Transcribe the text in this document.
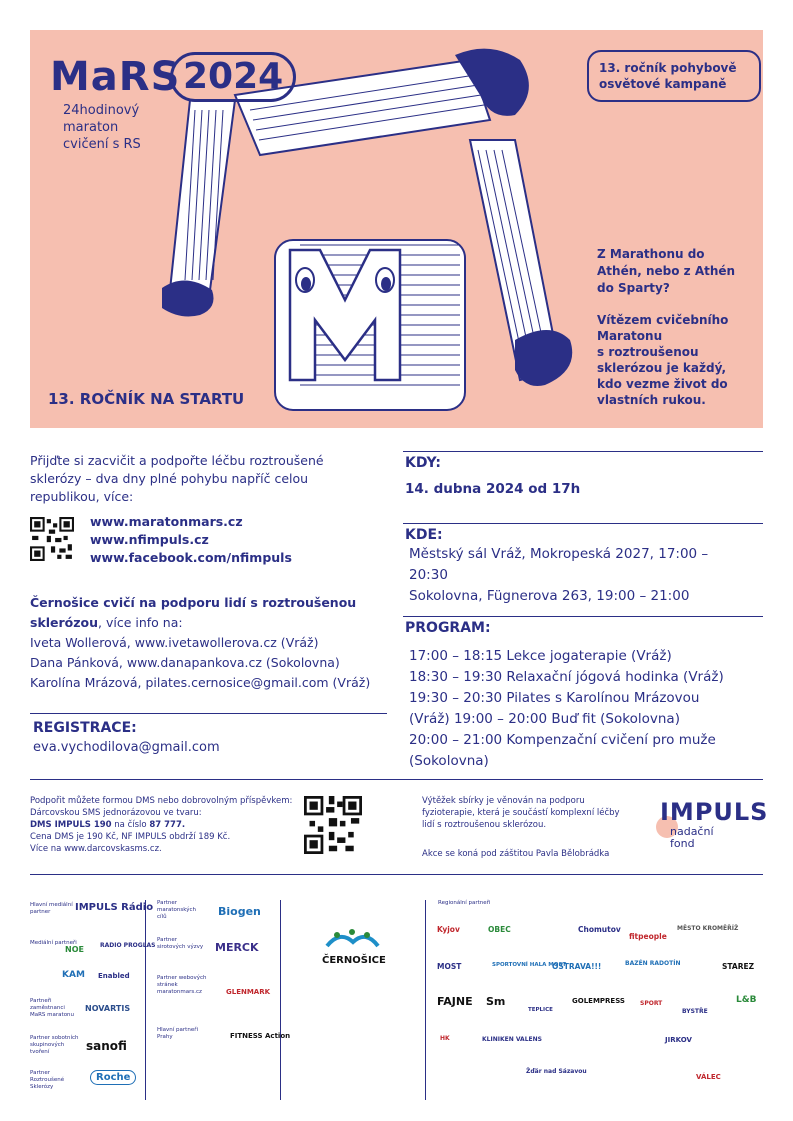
MaRS 2024
24hodinový
maraton
cvičení s RS
13. ročník pohybově
osvětové kampaně
Z Marathonu do
Athén, nebo z Athén
do Sparty?
Vítězem cvičebního
Maratonu
s roztroušenou
sklerózou je každý,
kdo vezme život do
vlastních rukou.
13. ROČNÍK NA STARTU
Přijďte si zacvičit a podpořte léčbu roztroušené
sklerózy – dva dny plné pohybu napříč celou
republikou, více:
www.maratonmars.cz
www.nfimpuls.cz
www.facebook.com/nfimpuls
Černošice cvičí na podporu lidí s roztroušenou
sklerózou, více info na:
Iveta Wollerová, www.ivetawollerova.cz (Vráž)
Dana Pánková, www.danapankova.cz (Sokolovna)
Karolína Mrázová, pilates.cernosice@gmail.com (Vráž)
REGISTRACE:
eva.vychodilova@gmail.com
KDY:
14. dubna 2024 od 17h
KDE:
Městský sál Vráž, Mokropeská 2027, 17:00 –
20:30
Sokolovna, Fügnerova 263, 19:00 – 21:00
PROGRAM:
17:00 – 18:15 Lekce jogaterapie (Vráž)
18:30 – 19:30 Relaxační jógová hodinka (Vráž)
19:30 – 20:30 Pilates s Karolínou Mrázovou
(Vráž) 19:00 – 20:00 Buď fit (Sokolovna)
20:00 – 21:00 Kompenzační cvičení pro muže
(Sokolovna)
Podpořit můžete formou DMS nebo dobrovolným příspěvkem:
Dárcovskou SMS jednorázovou ve tvaru:
DMS IMPULS 190 na číslo 87 777.
Cena DMS je 190 Kč, NF IMPULS obdrží 189 Kč.
Více na www.darcovskasms.cz.
Výtěžek sbírky je věnován na podporu
fyzioterapie, která je součástí komplexní léčby
lidí s roztroušenou sklerózou.
Akce se koná pod záštitou Pavla Bělobrádka
IMPULS
nadační
fond
Hlavní mediální partner
Mediální partneři
Partneři zaměstnanci MaRS maratonu
Partner sobotních skupinových tvoření
Partner Roztroušené Sklerózy
IMPULS Rádio
NOE	RADIO PROGLAS
KAM Enabled
NOVARTIS
sanofi
Roche
Partner maratonských cílů
Partner sirotových výzvy
Partner webových stránek maratonmars.cz
Hlavní partneři Prahy
Biogen
MERCK
GLENMARK
FITNESS Action
ČERNOŠICE
Regionální partneři
Kyjov	OBEC	Chomutov
fitpeople
MĚSTO KROMĚŘÍŽ
MOST	SPORTOVNÍ HALA MOST
OSTRAVA!!!	BAZÉN RADOTÍN	STAREZ
FAJNE Sm
TEPLICE
GOLEMPRESS	SPORT
BYSTŘE
L&B
HK	KLINIKEN VALENS	JIRKOV
Žďár nad Sázavou
VÁLEC
